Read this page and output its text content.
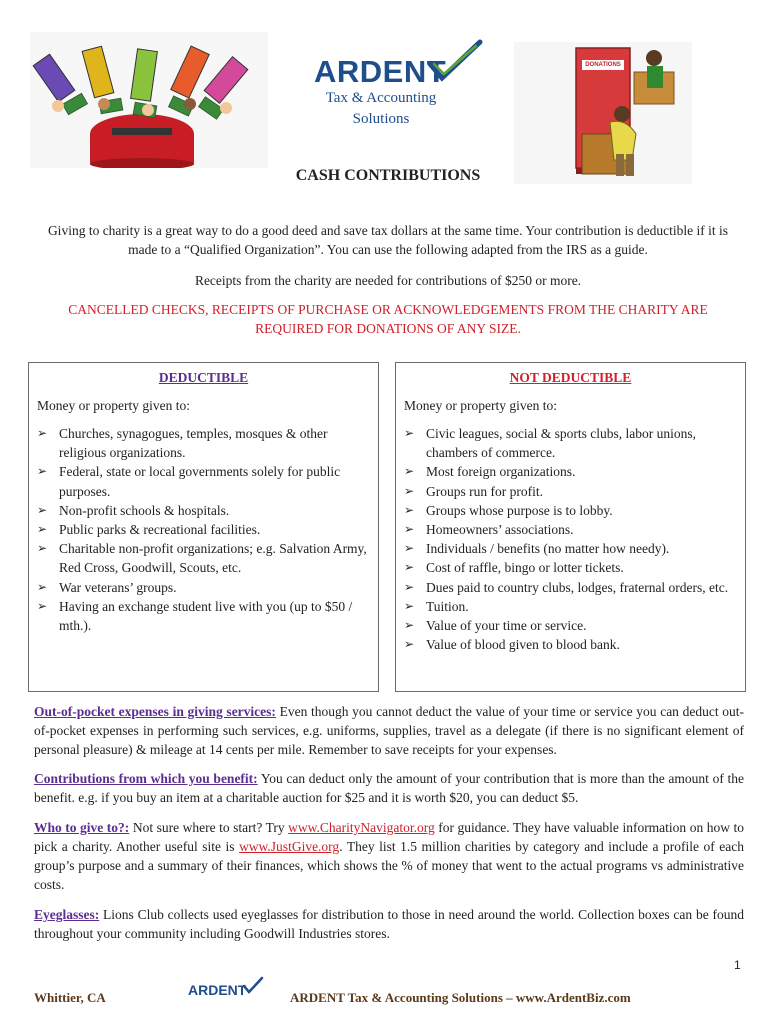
ARDENT
Tax & Accounting
Solutions
DONATIONS
CASH CONTRIBUTIONS
Giving to charity is a great way to do a good deed and save tax dollars at the same time. Your contribution is deductible if it is made to a “Qualified Organization”. You can use the following adapted from the IRS as a guide.
Receipts from the charity are needed for contributions of $250 or more.
CANCELLED CHECKS, RECEIPTS OF PURCHASE OR ACKNOWLEDGEMENTS FROM THE CHARITY ARE REQUIRED FOR DONATIONS OF ANY SIZE.
DEDUCTIBLE
Money or property given to:
➢ Churches, synagogues, temples, mosques & other religious organizations.
➢ Federal, state or local governments solely for public purposes.
➢ Non-profit schools & hospitals.
➢ Public parks & recreational facilities.
➢ Charitable non-profit organizations; e.g. Salvation Army, Red Cross, Goodwill, Scouts, etc.
➢ War veterans’ groups.
➢ Having an exchange student live with you (up to $50 / mth.).
NOT DEDUCTIBLE
Money or property given to:
➢ Civic leagues, social & sports clubs, labor unions, chambers of commerce.
➢ Most foreign organizations.
➢ Groups run for profit.
➢ Groups whose purpose is to lobby.
➢ Homeowners’ associations.
➢ Individuals / benefits (no matter how needy).
➢ Cost of raffle, bingo or lotter tickets.
➢ Dues paid to country clubs, lodges, fraternal orders, etc.
➢ Tuition.
➢ Value of your time or service.
➢ Value of blood given to blood bank.
Out-of-pocket expenses in giving services: Even though you cannot deduct the value of your time or service you can deduct out-of-pocket expenses in performing such services, e.g. uniforms, supplies, travel as a delegate (if there is no significant element of personal pleasure) & mileage at 14 cents per mile. Remember to save receipts for your expenses.
Contributions from which you benefit: You can deduct only the amount of your contribution that is more than the amount of the benefit. e.g. if you buy an item at a charitable auction for $25 and it is worth $20, you can deduct $5.
Who to give to?: Not sure where to start? Try www.CharityNavigator.org for guidance. They have valuable information on how to pick a charity. Another useful site is www.JustGive.org. They list 1.5 million charities by category and include a profile of each group’s purpose and a summary of their finances, which shows the % of money that went to the actual programs vs administrative costs.
Eyeglasses: Lions Club collects used eyeglasses for distribution to those in need around the world. Collection boxes can be found throughout your community including Goodwill Industries stores.
1
Whittier, CA	ARDENT	ARDENT Tax & Accounting Solutions – www.ArdentBiz.com
